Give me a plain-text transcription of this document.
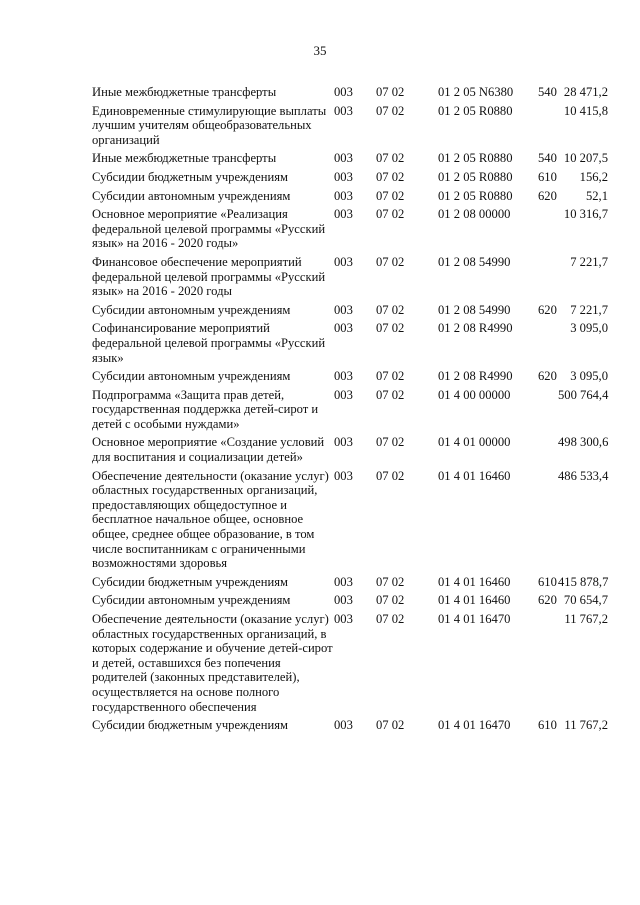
35
Иные межбюджетные трансферты	003	07 02	01 2 05 N6380	540	28 471,2
Единовременные стимулирующие выплаты лучшим учителям общеобразовательных организаций	003	07 02	01 2 05 R0880		10 415,8
Иные межбюджетные трансферты	003	07 02	01 2 05 R0880	540	10 207,5
Субсидии бюджетным учреждениям	003	07 02	01 2 05 R0880	610	156,2
Субсидии автономным учреждениям	003	07 02	01 2 05 R0880	620	52,1
Основное мероприятие «Реализация федеральной целевой программы «Русский язык» на 2016 - 2020 годы»	003	07 02	01 2 08 00000		10 316,7
Финансовое обеспечение мероприятий федеральной целевой программы «Русский язык» на 2016 - 2020 годы	003	07 02	01 2 08 54990		7 221,7
Субсидии автономным учреждениям	003	07 02	01 2 08 54990	620	7 221,7
Софинансирование мероприятий федеральной целевой программы «Русский язык»	003	07 02	01 2 08 R4990		3 095,0
Субсидии автономным учреждениям	003	07 02	01 2 08 R4990	620	3 095,0
Подпрограмма «Защита прав детей, государственная поддержка детей-сирот и детей с особыми нуждами»	003	07 02	01 4 00 00000		500 764,4
Основное мероприятие «Создание условий для воспитания и социализации детей»	003	07 02	01 4 01 00000		498 300,6
Обеспечение деятельности (оказание услуг) областных государственных организаций, предоставляющих общедоступное и бесплатное начальное общее, основное общее, среднее общее образование, в том числе воспитанникам с ограниченными возможностями здоровья	003	07 02	01 4 01 16460		486 533,4
Субсидии бюджетным учреждениям	003	07 02	01 4 01 16460	610	415 878,7
Субсидии автономным учреждениям	003	07 02	01 4 01 16460	620	70 654,7
Обеспечение деятельности (оказание услуг) областных государственных организаций, в которых содержание и обучение детей-сирот и детей, оставшихся без попечения родителей (законных представителей), осуществляется на основе полного государственного обеспечения	003	07 02	01 4 01 16470		11 767,2
Субсидии бюджетным учреждениям	003	07 02	01 4 01 16470	610	11 767,2
